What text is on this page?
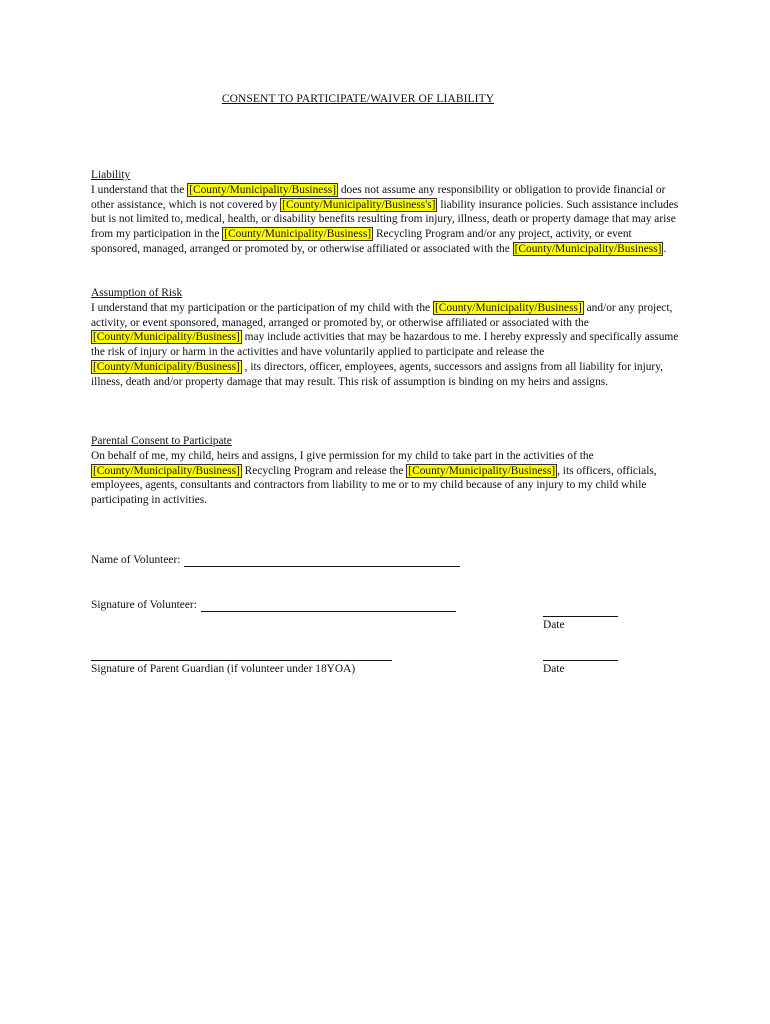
CONSENT TO PARTICIPATE/WAIVER OF LIABILITY
Liability

I understand that the [County/Municipality/Business] does not assume any responsibility or obligation to provide financial or other assistance, which is not covered by [County/Municipality/Business's] liability insurance policies. Such assistance includes but is not limited to, medical, health, or disability benefits resulting from injury, illness, death or property damage that may arise from my participation in the [County/Municipality/Business] Recycling Program and/or any project, activity, or event sponsored, managed, arranged or promoted by, or otherwise affiliated or associated with the [County/Municipality/Business] .

Assumption of Risk

I understand that my participation or the participation of my child with the [County/Municipality/Business] and/or any project, activity, or event sponsored, managed, arranged or promoted by, or otherwise affiliated or associated with the [County/Municipality/Business] may include activities that may be hazardous to me. I hereby expressly and specifically assume the risk of injury or harm in the activities and have voluntarily applied to participate and release the [County/Municipality/Business] , its directors, officer, employees, agents, successors and assigns from all liability for injury, illness, death and/or property damage that may result. This risk of assumption is binding on my heirs and assigns.

Parental Consent to Participate

On behalf of me, my child, heirs and assigns, I give permission for my child to take part in the activities of the [County/Municipality/Business] Recycling Program and release the [County/Municipality/Business] , its officers, officials, employees, agents, consultants and contractors from liability to me or to my child because of any injury to my child while participating in activities.

Name of Volunteer:
Signature of Volunteer:
Date
Signature of Parent Guardian (if volunteer under 18YOA)	Date
